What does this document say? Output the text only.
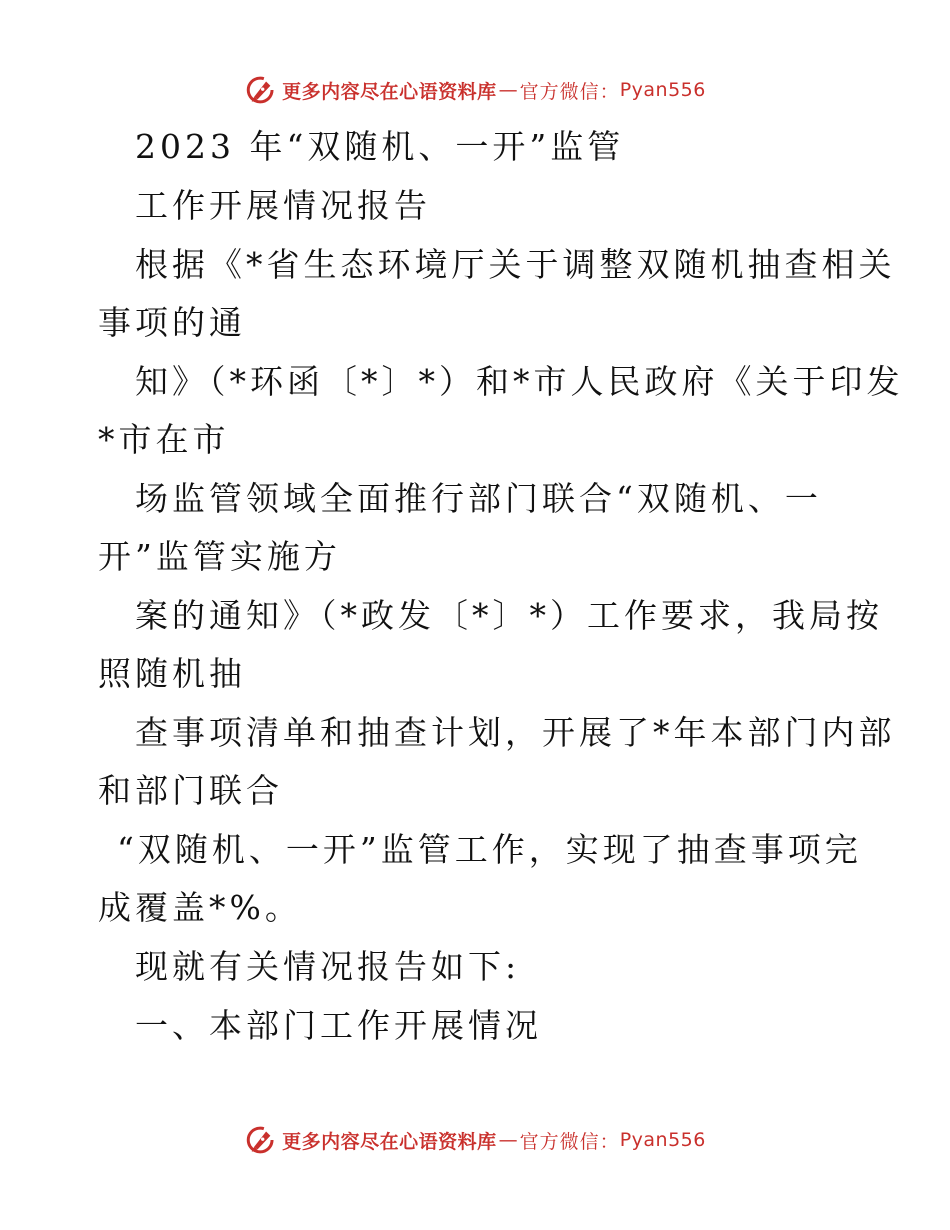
更多内容尽在心语资料库 — 官方微信： Pyan556
2023 年“双随机、一开”监管
工作开展情况报告
根据《*省生态环境厅关于调整双随机抽查相关
事项的通
知》（*环函〔*〕*）和*市人民政府《关于印发
*市在市
场监管领域全面推行部门联合“双随机、一
开”监管实施方
案的通知》（*政发〔*〕*）工作要求，我局按
照随机抽
查事项清单和抽查计划，开展了*年本部门内部
和部门联合
“双随机、一开”监管工作，实现了抽查事项完
成覆盖*%。
现就有关情况报告如下:
一、本部门工作开展情况
更多内容尽在心语资料库 — 官方微信： Pyan556
